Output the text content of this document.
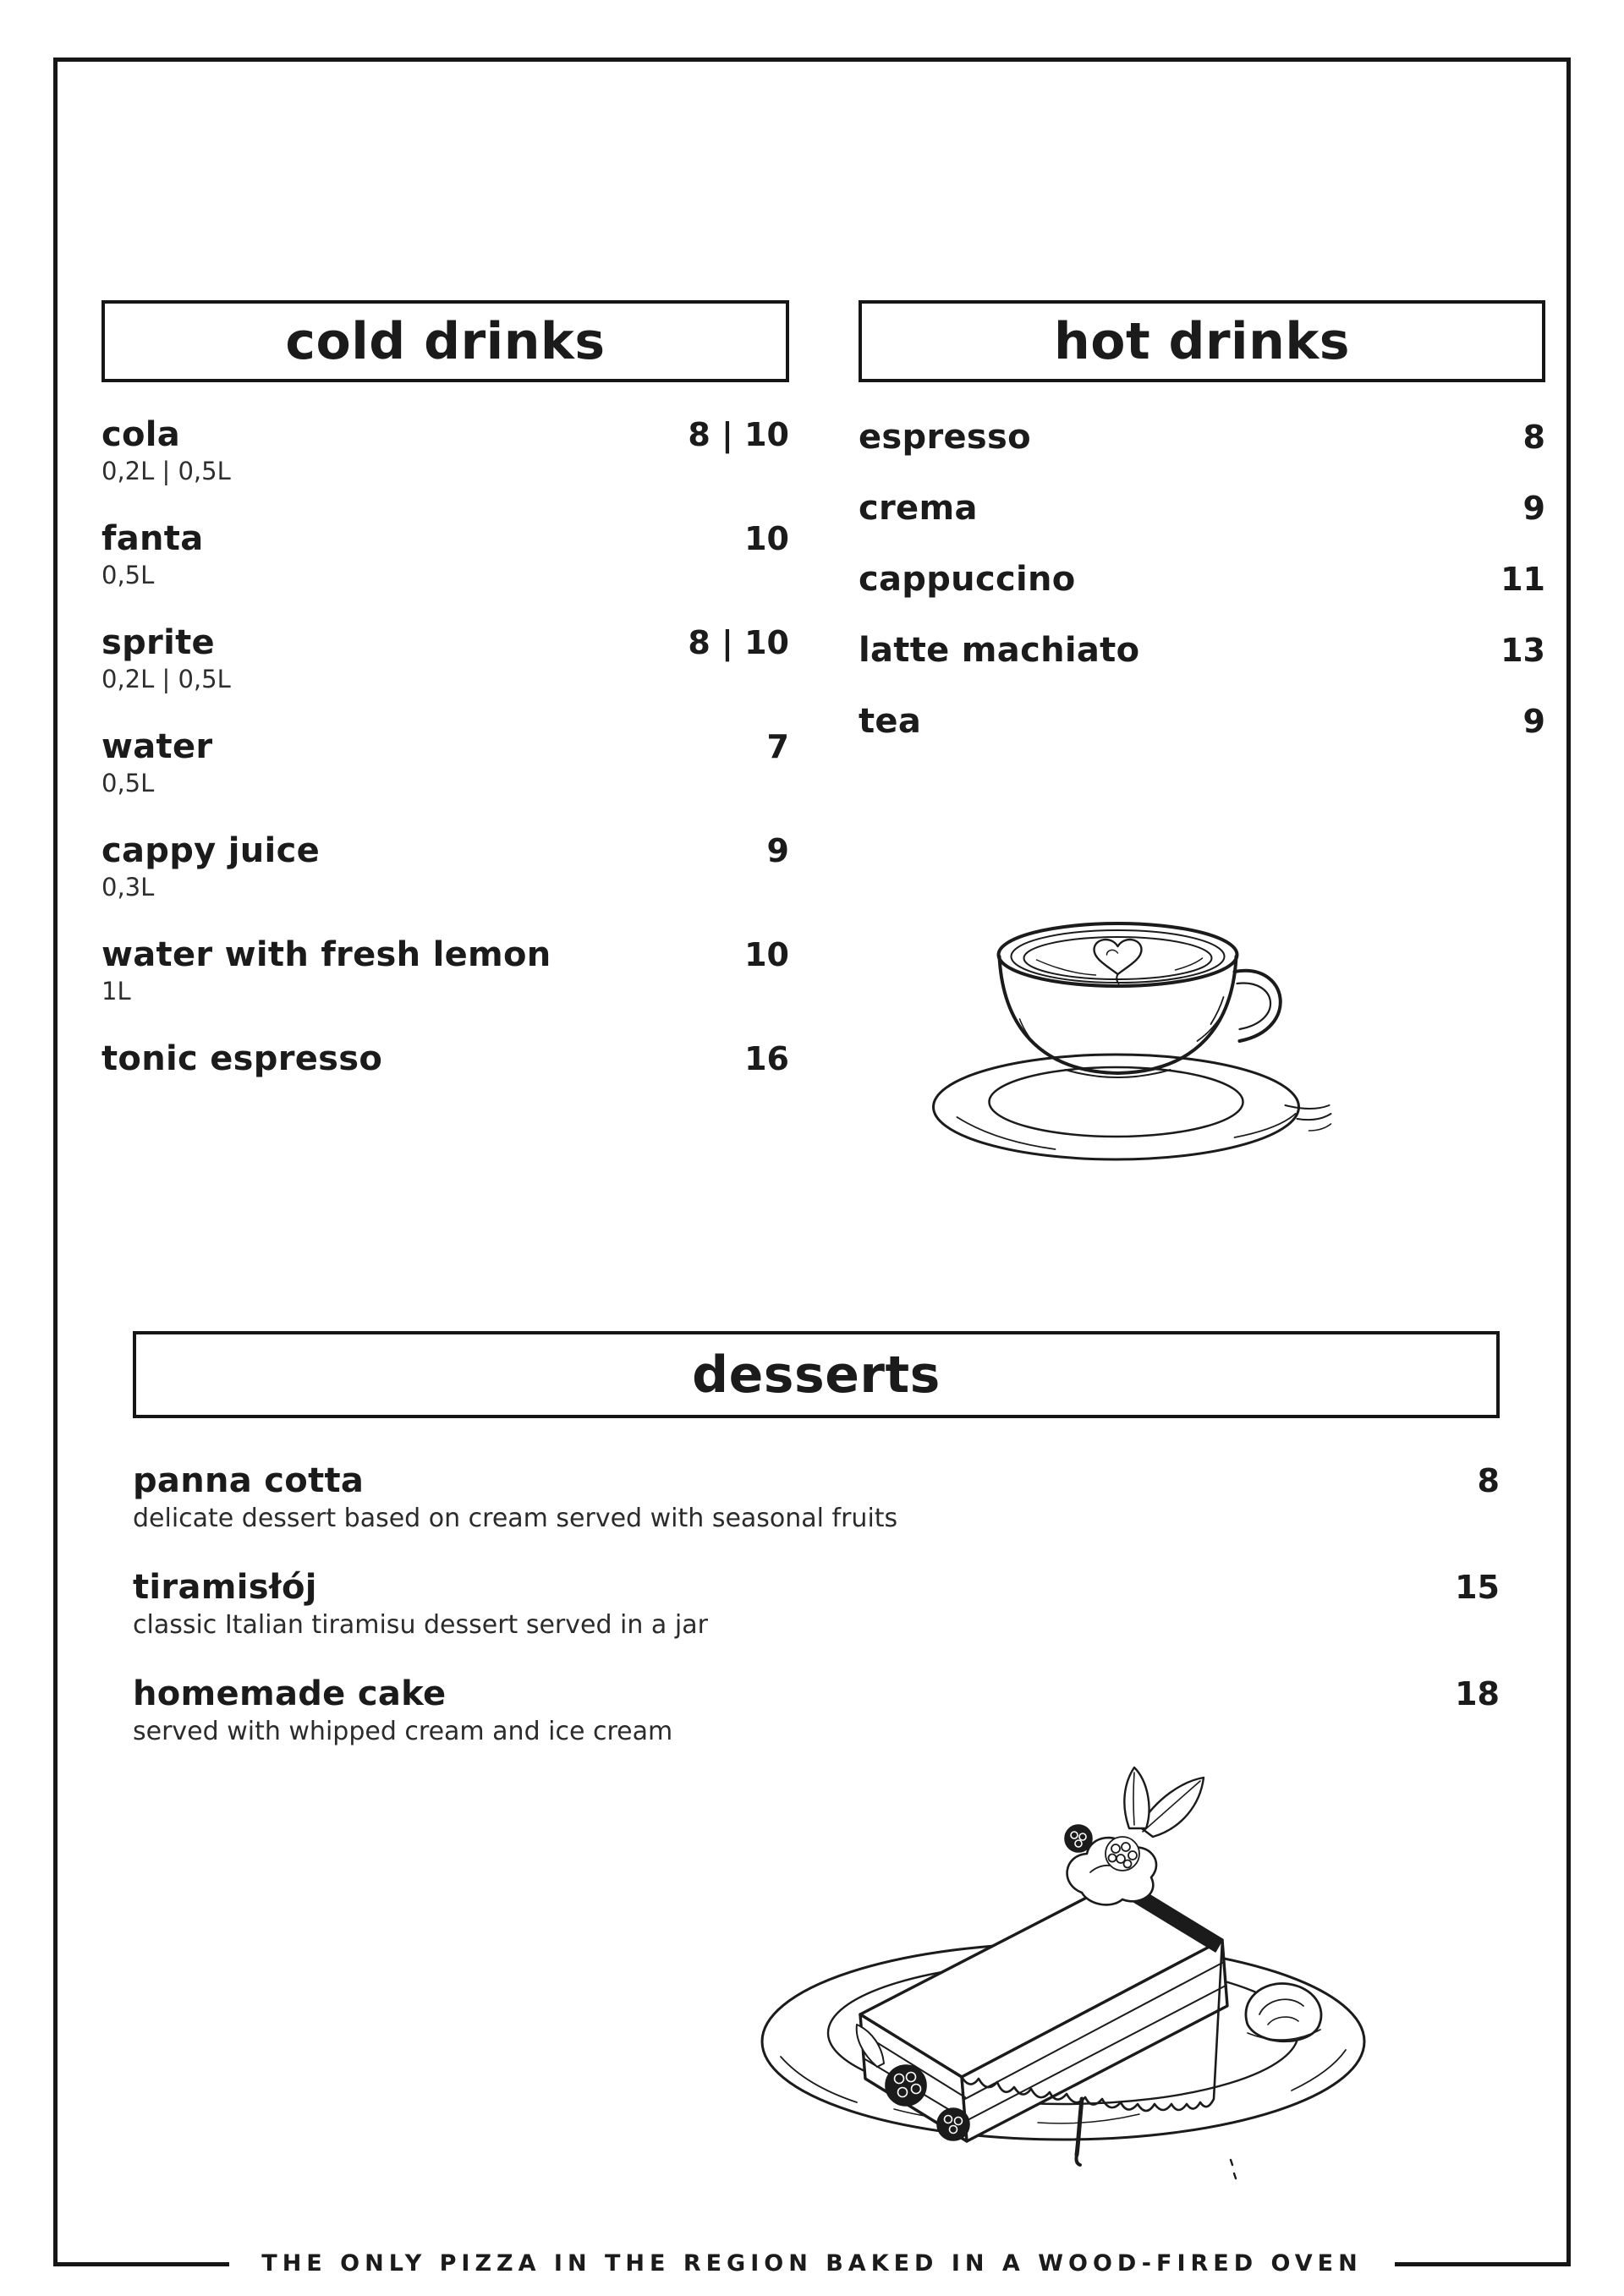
cold drinks
cola	8 | 10
0,2L | 0,5L
fanta	10
0,5L
sprite	8 | 10
0,2L | 0,5L
water	7
0,5L
cappy juice	9
0,3L
water with fresh lemon	10
1L
tonic espresso	16
hot drinks
espresso	8
crema	9
cappuccino	11
latte machiato	13
tea	9
desserts
panna cotta	8
delicate dessert based on cream served with seasonal fruits
tiramisłój	15
classic Italian tiramisu dessert served in a jar
homemade cake	18
served with whipped cream and ice cream
THE ONLY PIZZA IN THE REGION BAKED IN A WOOD-FIRED OVEN
